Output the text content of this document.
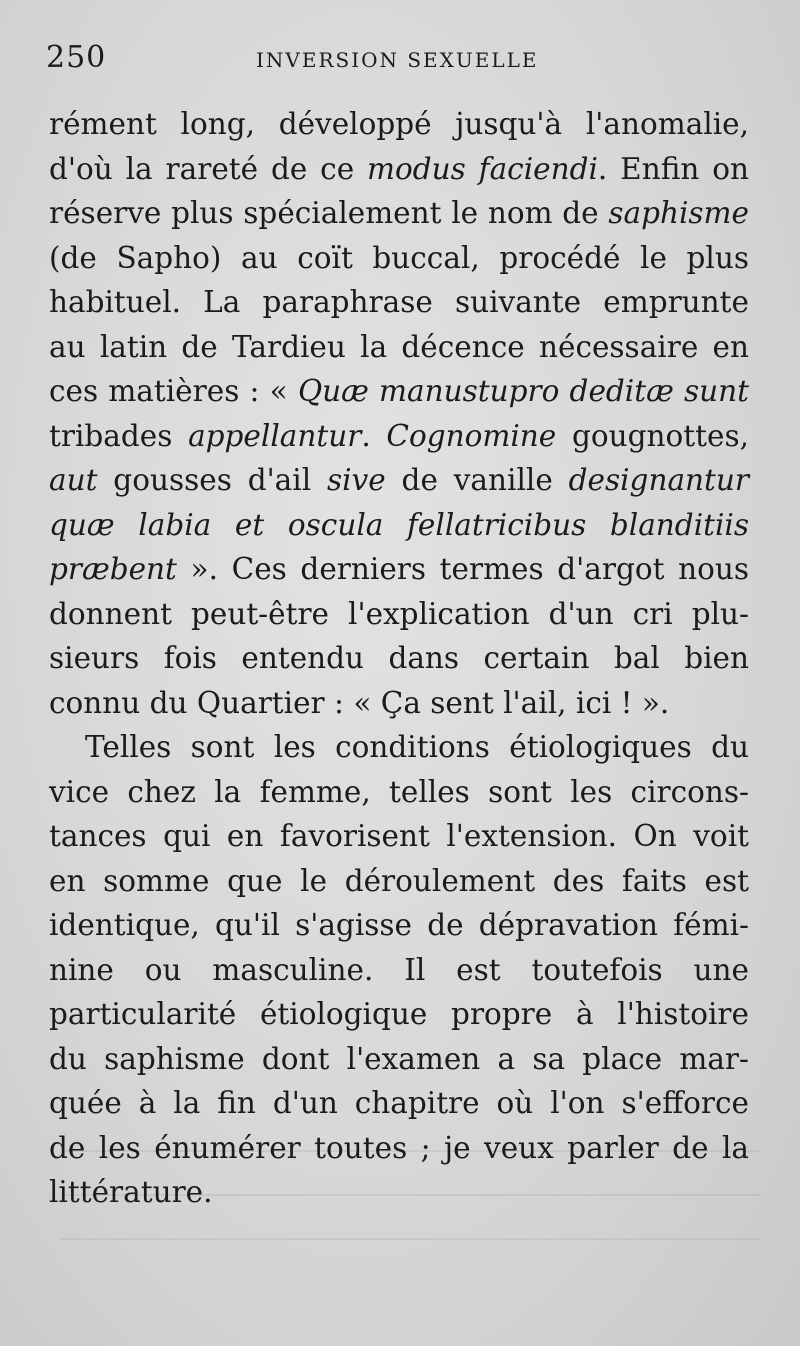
250	INVERSION SEXUELLE
rément long, développé jusqu'à l'anomalie,
d'où la rareté de ce modus faciendi. Enfin on
réserve plus spécialement le nom de saphisme
(de Sapho) au coït buccal, procédé le plus
habituel. La paraphrase suivante emprunte
au latin de Tardieu la décence nécessaire en
ces matières : « Quæ manustupro deditæ sunt
tribades appellantur. Cognomine gougnottes,
aut gousses d'ail sive de vanille designantur
quæ labia et oscula fellatricibus blanditiis
præbent ». Ces derniers termes d'argot nous
donnent peut-être l'explication d'un cri plu-
sieurs fois entendu dans certain bal bien
connu du Quartier : « Ça sent l'ail, ici ! ».
Telles sont les conditions étiologiques du
vice chez la femme, telles sont les circons-
tances qui en favorisent l'extension. On voit
en somme que le déroulement des faits est
identique, qu'il s'agisse de dépravation fémi-
nine ou masculine. Il est toutefois une
particularité étiologique propre à l'histoire
du saphisme dont l'examen a sa place mar-
quée à la fin d'un chapitre où l'on s'efforce
de les énumérer toutes ; je veux parler de la
littérature.
